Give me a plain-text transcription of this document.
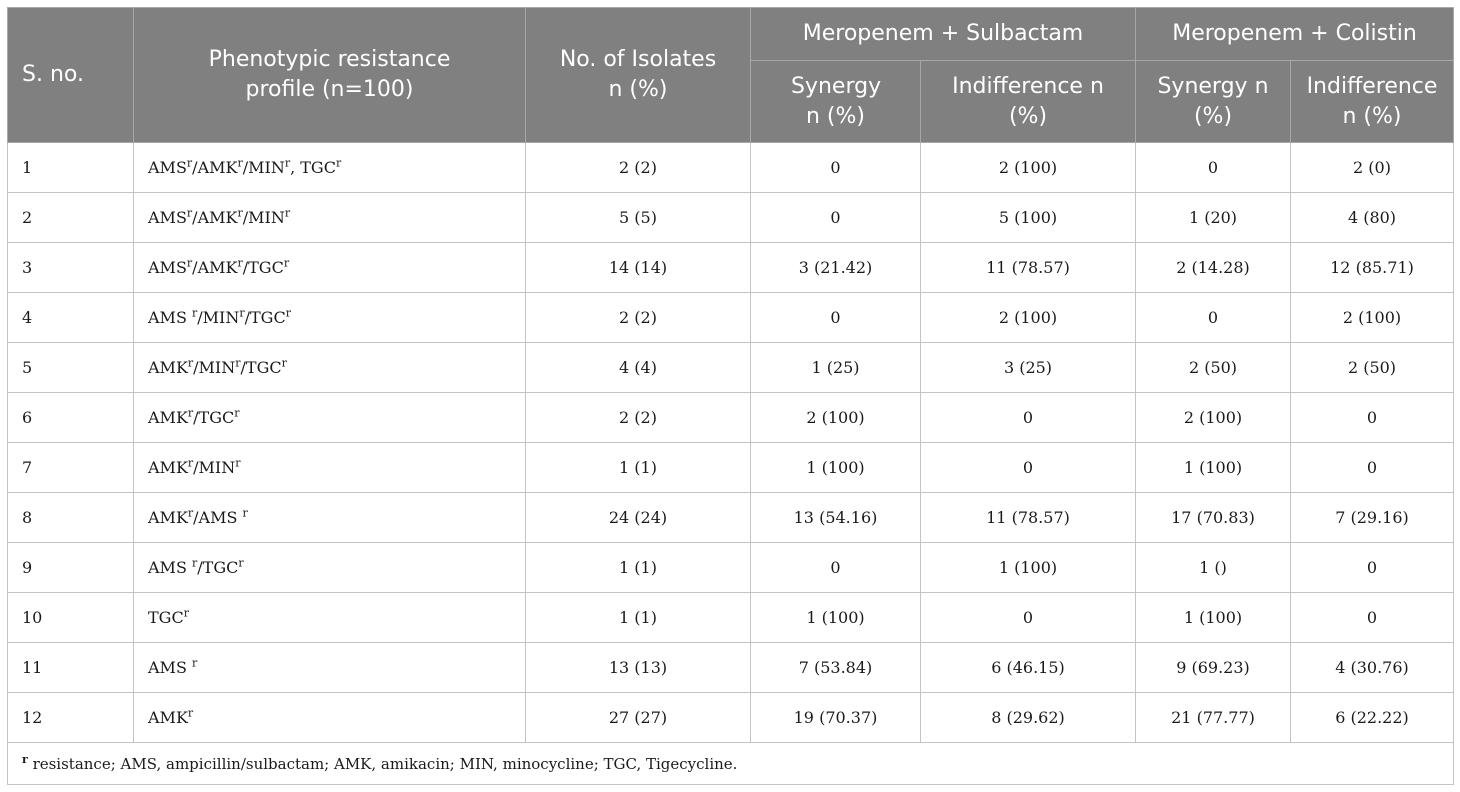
S. no.	Phenotypic resistance profile (n=100)	No. of Isolates n (%)	Meropenem + Sulbactam		Meropenem + Colistin	
			Synergy n (%)	Indifference n (%)	Synergy n (%)	Indifference n (%)
1	AMS$^r$/AMK$^r$/MIN$^r$, TGC$^r$	2 (2)	0	2 (100)	0	2 (0)
2	AMS$^r$/AMK$^r$/MIN$^r$	5 (5)	0	5 (100)	1 (20)	4 (80)
3	AMS$^r$/AMK$^r$/TGC$^r$	14 (14)	3 (21.42)	11 (78.57)	2 (14.28)	12 (85.71)
4	AMS $^r$/MIN$^r$/TGC$^r$	2 (2)	0	2 (100)	0	2 (100)
5	AMK$^r$/MIN$^r$/TGC$^r$	4 (4)	1 (25)	3 (25)	2 (50)	2 (50)
6	AMK$^r$/TGC$^r$	2 (2)	2 (100)	0	2 (100)	0
7	AMK$^r$/MIN$^r$	1 (1)	1 (100)	0	1 (100)	0
8	AMK$^r$/AMS $^r$	24 (24)	13 (54.16)	11 (78.57)	17 (70.83)	7 (29.16)
9	AMS $^r$/TGC$^r$	1 (1)	0	1 (100)	1 ()	0
10	TGC$^r$	1 (1)	1 (100)	0	1 (100)	0
11	AMS $^r$	13 (13)	7 (53.84)	6 (46.15)	9 (69.23)	4 (30.76)
12	AMK$^r$	27 (27)	19 (70.37)	8 (29.62)	21 (77.77)	6 (22.22)
$^r$ resistance; AMS, ampicillin/sulbactam; AMK, amikacin; MIN, minocycline; TGC, Tigecycline.						
